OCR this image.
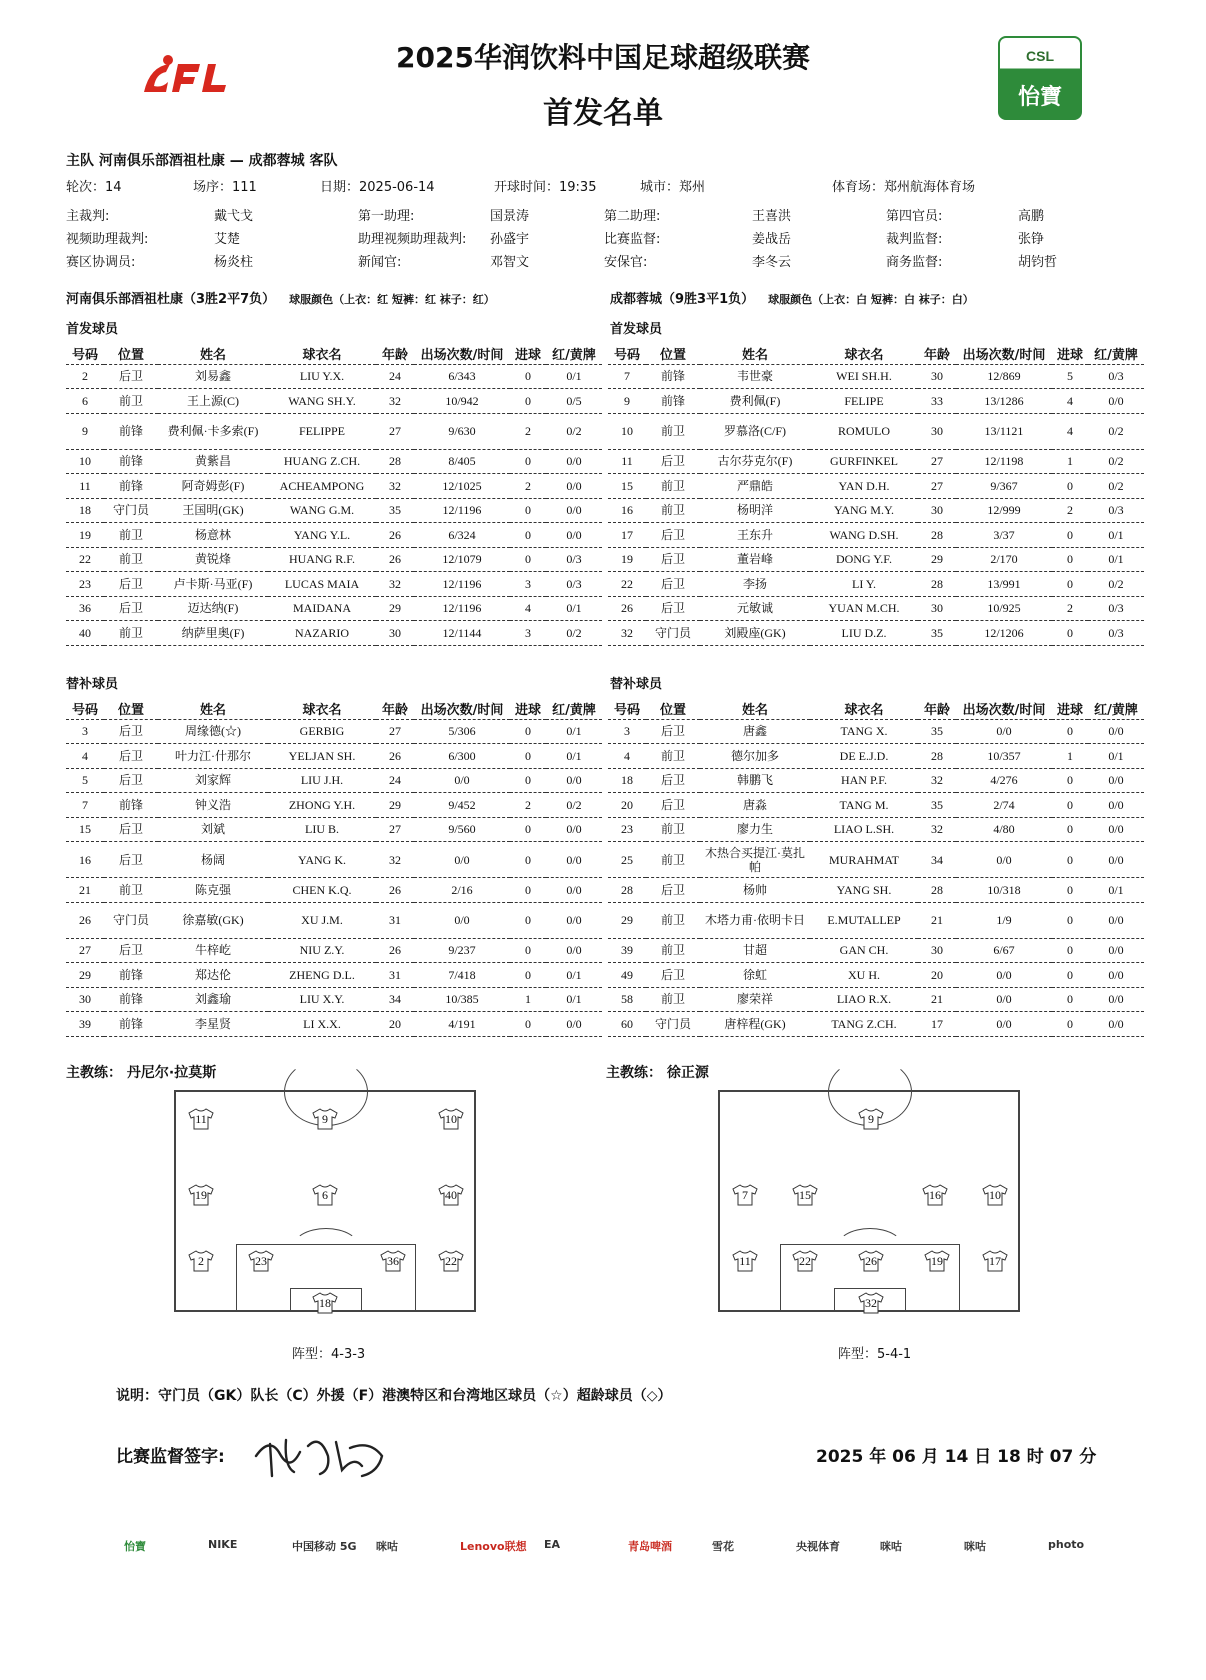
CSL
怡寶
2025华润饮料中国足球超级联赛
首发名单
主队 河南俱乐部酒祖杜康 — 成都蓉城 客队
轮次：14	场序：111	日期：2025-06-14	开球时间：19:35	城市：郑州	体育场：郑州航海体育场
主裁判:	戴弋戈	第一助理:	国景涛	第二助理:	王喜洪	第四官员:	高鹏
视频助理裁判:	艾楚	助理视频助理裁判: 孙盛宇	比赛监督:	姜战岳	裁判监督:	张铮
赛区协调员:	杨炎柱	新闻官:	邓智文	安保官:	李冬云	商务监督:	胡钧哲
河南俱乐部酒祖杜康（3胜2平7负） 球服颜色（上衣：红 短裤：红 袜子：红）	成都蓉城（9胜3平1负） 球服颜色（上衣：白 短裤：白 袜子：白）
首发球员	首发球员
号码	位置	姓名	球衣名	年龄	出场次数/时间	进球	红/黄牌
2	后卫	刘易鑫	LIU Y.X.	24	6/343	0	0/1
6	前卫	王上源(C)	WANG SH.Y.	32	10/942	0	0/5
9	前锋	费利佩·卡多索(F)	FELIPPE	27	9/630	2	0/2
10	前锋	黄紫昌	HUANG Z.CH.	28	8/405	0	0/0
11	前锋	阿奇姆彭(F)	ACHEAMPONG	32	12/1025	2	0/0
18	守门员	王国明(GK)	WANG G.M.	35	12/1196	0	0/0
19	前卫	杨意林	YANG Y.L.	26	6/324	0	0/0
22	前卫	黄锐烽	HUANG R.F.	26	12/1079	0	0/3
23	后卫	卢卡斯·马亚(F)	LUCAS MAIA	32	12/1196	3	0/3
36	后卫	迈达纳(F)	MAIDANA	29	12/1196	4	0/1
40	前卫	纳萨里奥(F)	NAZARIO	30	12/1144	3	0/2
号码	位置	姓名	球衣名	年龄	出场次数/时间	进球	红/黄牌
7	前锋	韦世豪	WEI SH.H.	30	12/869	5	0/3
9	前锋	费利佩(F)	FELIPE	33	13/1286	4	0/0
10	前卫	罗慕洛(C/F)	ROMULO	30	13/1121	4	0/2
11	后卫	古尔芬克尔(F)	GURFINKEL	27	12/1198	1	0/2
15	前卫	严鼎皓	YAN D.H.	27	9/367	0	0/2
16	前卫	杨明洋	YANG M.Y.	30	12/999	2	0/3
17	后卫	王东升	WANG D.SH.	28	3/37	0	0/1
19	后卫	董岩峰	DONG Y.F.	29	2/170	0	0/1
22	后卫	李扬	LI Y.	28	13/991	0	0/2
26	后卫	元敏诚	YUAN M.CH.	30	10/925	2	0/3
32	守门员	刘殿座(GK)	LIU D.Z.	35	12/1206	0	0/3
替补球员	替补球员
号码	位置	姓名	球衣名	年龄	出场次数/时间	进球	红/黄牌
3	后卫	周缘德(☆)	GERBIG	27	5/306	0	0/1
4	后卫	叶力江·什那尔	YELJAN SH.	26	6/300	0	0/1
5	后卫	刘家辉	LIU J.H.	24	0/0	0	0/0
7	前锋	钟义浩	ZHONG Y.H.	29	9/452	2	0/2
15	后卫	刘斌	LIU B.	27	9/560	0	0/0
16	后卫	杨阔	YANG K.	32	0/0	0	0/0
21	前卫	陈克强	CHEN K.Q.	26	2/16	0	0/0
26	守门员	徐嘉敏(GK)	XU J.M.	31	0/0	0	0/0
27	后卫	牛梓屹	NIU Z.Y.	26	9/237	0	0/0
29	前锋	郑达伦	ZHENG D.L.	31	7/418	0	0/1
30	前锋	刘鑫瑜	LIU X.Y.	34	10/385	1	0/1
39	前锋	李星贤	LI X.X.	20	4/191	0	0/0
号码	位置	姓名	球衣名	年龄	出场次数/时间	进球	红/黄牌
3	后卫	唐鑫	TANG X.	35	0/0	0	0/0
4	前卫	德尔加多	DE E.J.D.	28	10/357	1	0/1
18	后卫	韩鹏飞	HAN P.F.	32	4/276	0	0/0
20	后卫	唐淼	TANG M.	35	2/74	0	0/0
23	前卫	廖力生	LIAO L.SH.	32	4/80	0	0/0
25	前卫	木热合买提江·莫扎帕	MURAHMAT	34	0/0	0	0/0
28	后卫	杨帅	YANG SH.	28	10/318	0	0/1
29	前卫	木塔力甫·依明卡日	E.MUTALLEP	21	1/9	0	0/0
39	前卫	甘超	GAN CH.	30	6/67	0	0/0
49	后卫	徐虹	XU H.	20	0/0	0	0/0
58	前卫	廖荣祥	LIAO R.X.	21	0/0	0	0/0
60	守门员	唐梓程(GK)	TANG Z.CH.	17	0/0	0	0/0
主教练： 丹尼尔·拉莫斯	主教练： 徐正源
11	9	10
19	6	40
2	23	36	22
18
9
7	15	16	10
11	22	26	19	17
32
阵型：4-3-3	阵型：5-4-1
说明：守门员（GK）队长（C）外援（F）港澳特区和台湾地区球员（☆）超龄球员（◇）
比赛监督签字:	2025 年 06 月 14 日 18 时 07 分
怡寶	NIKE	中国移动 5G 咪咕	Lenovo联想 EA	青岛啤酒	雪花	央视体育	咪咕	咪咕	photo
